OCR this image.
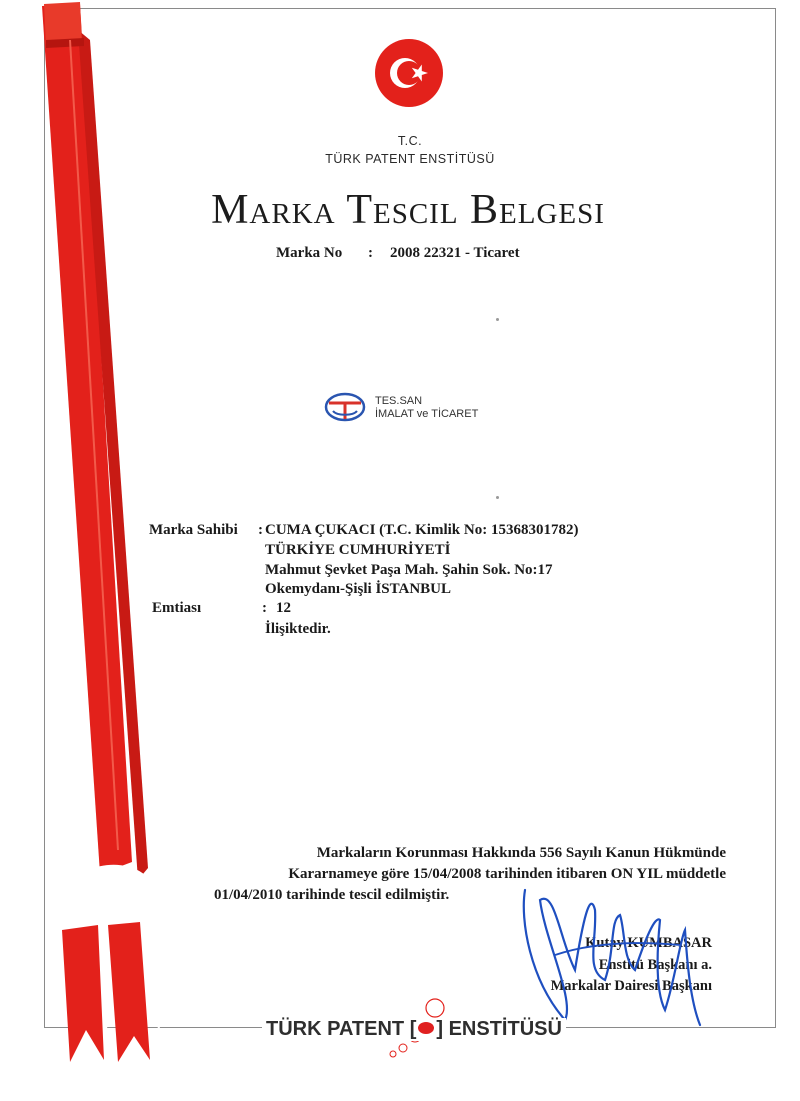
T.C.
TÜRK PATENT ENSTİTÜSÜ
Marka Tescil Belgesi
Marka No : 2008 22321 - Ticaret
TES.SAN
İMALAT ve TİCARET
Marka Sahibi : CUMA ÇUKACI (T.C. Kimlik No: 15368301782)
TÜRKİYE CUMHURİYETİ
Mahmut Şevket Paşa Mah. Şahin Sok. No:17
Okemydanı-Şişli İSTANBUL
Emtiası	: 12
İlişiktedir.
Markaların Korunması Hakkında 556 Sayılı Kanun Hükmünde
Kararnameye göre 15/04/2008 tarihinden itibaren ON YIL müddetle
01/04/2010 tarihinde tescil edilmiştir.
Kutay KUMBASAR
Enstitü Başkanı a.
Markalar Dairesi Başkanı
TÜRK PATENT [ ] ENSTİTÜSÜ
